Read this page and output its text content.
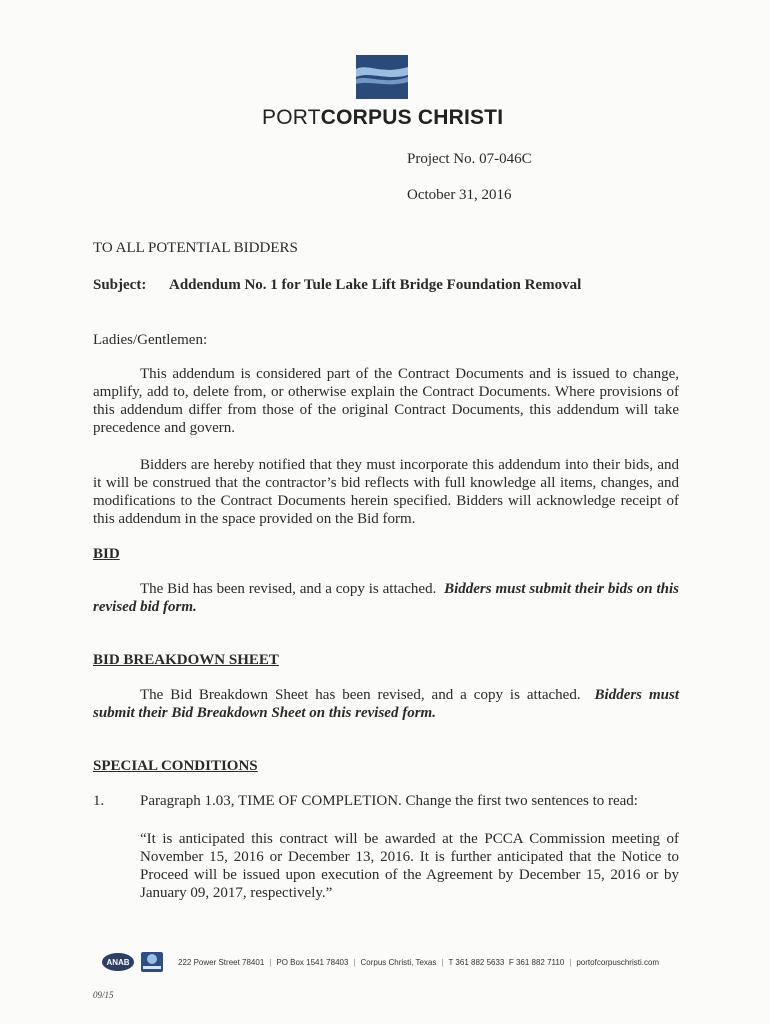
PORTCORPUS CHRISTI
Project No. 07-046C
October 31, 2016
TO ALL POTENTIAL BIDDERS
Subject: Addendum No. 1 for Tule Lake Lift Bridge Foundation Removal
Ladies/Gentlemen:
This addendum is considered part of the Contract Documents and is issued to change, amplify, add to, delete from, or otherwise explain the Contract Documents. Where provisions of this addendum differ from those of the original Contract Documents, this addendum will take precedence and govern.
Bidders are hereby notified that they must incorporate this addendum into their bids, and it will be construed that the contractor’s bid reflects with full knowledge all items, changes, and modifications to the Contract Documents herein specified. Bidders will acknowledge receipt of this addendum in the space provided on the Bid form.
BID
The Bid has been revised, and a copy is attached. Bidders must submit their bids on this revised bid form.
BID BREAKDOWN SHEET
The Bid Breakdown Sheet has been revised, and a copy is attached. Bidders must submit their Bid Breakdown Sheet on this revised form.
SPECIAL CONDITIONS
1. Paragraph 1.03, TIME OF COMPLETION. Change the first two sentences to read:
“It is anticipated this contract will be awarded at the PCCA Commission meeting of November 15, 2016 or December 13, 2016. It is further anticipated that the Notice to Proceed will be issued upon execution of the Agreement by December 15, 2016 or by January 09, 2017, respectively.”
ANAB	222 Power Street 78401 | PO Box 1541 78403 | Corpus Christi, Texas | T 361 882 5633 F 361 882 7110 | portofcorpuschristi.com
09/15
